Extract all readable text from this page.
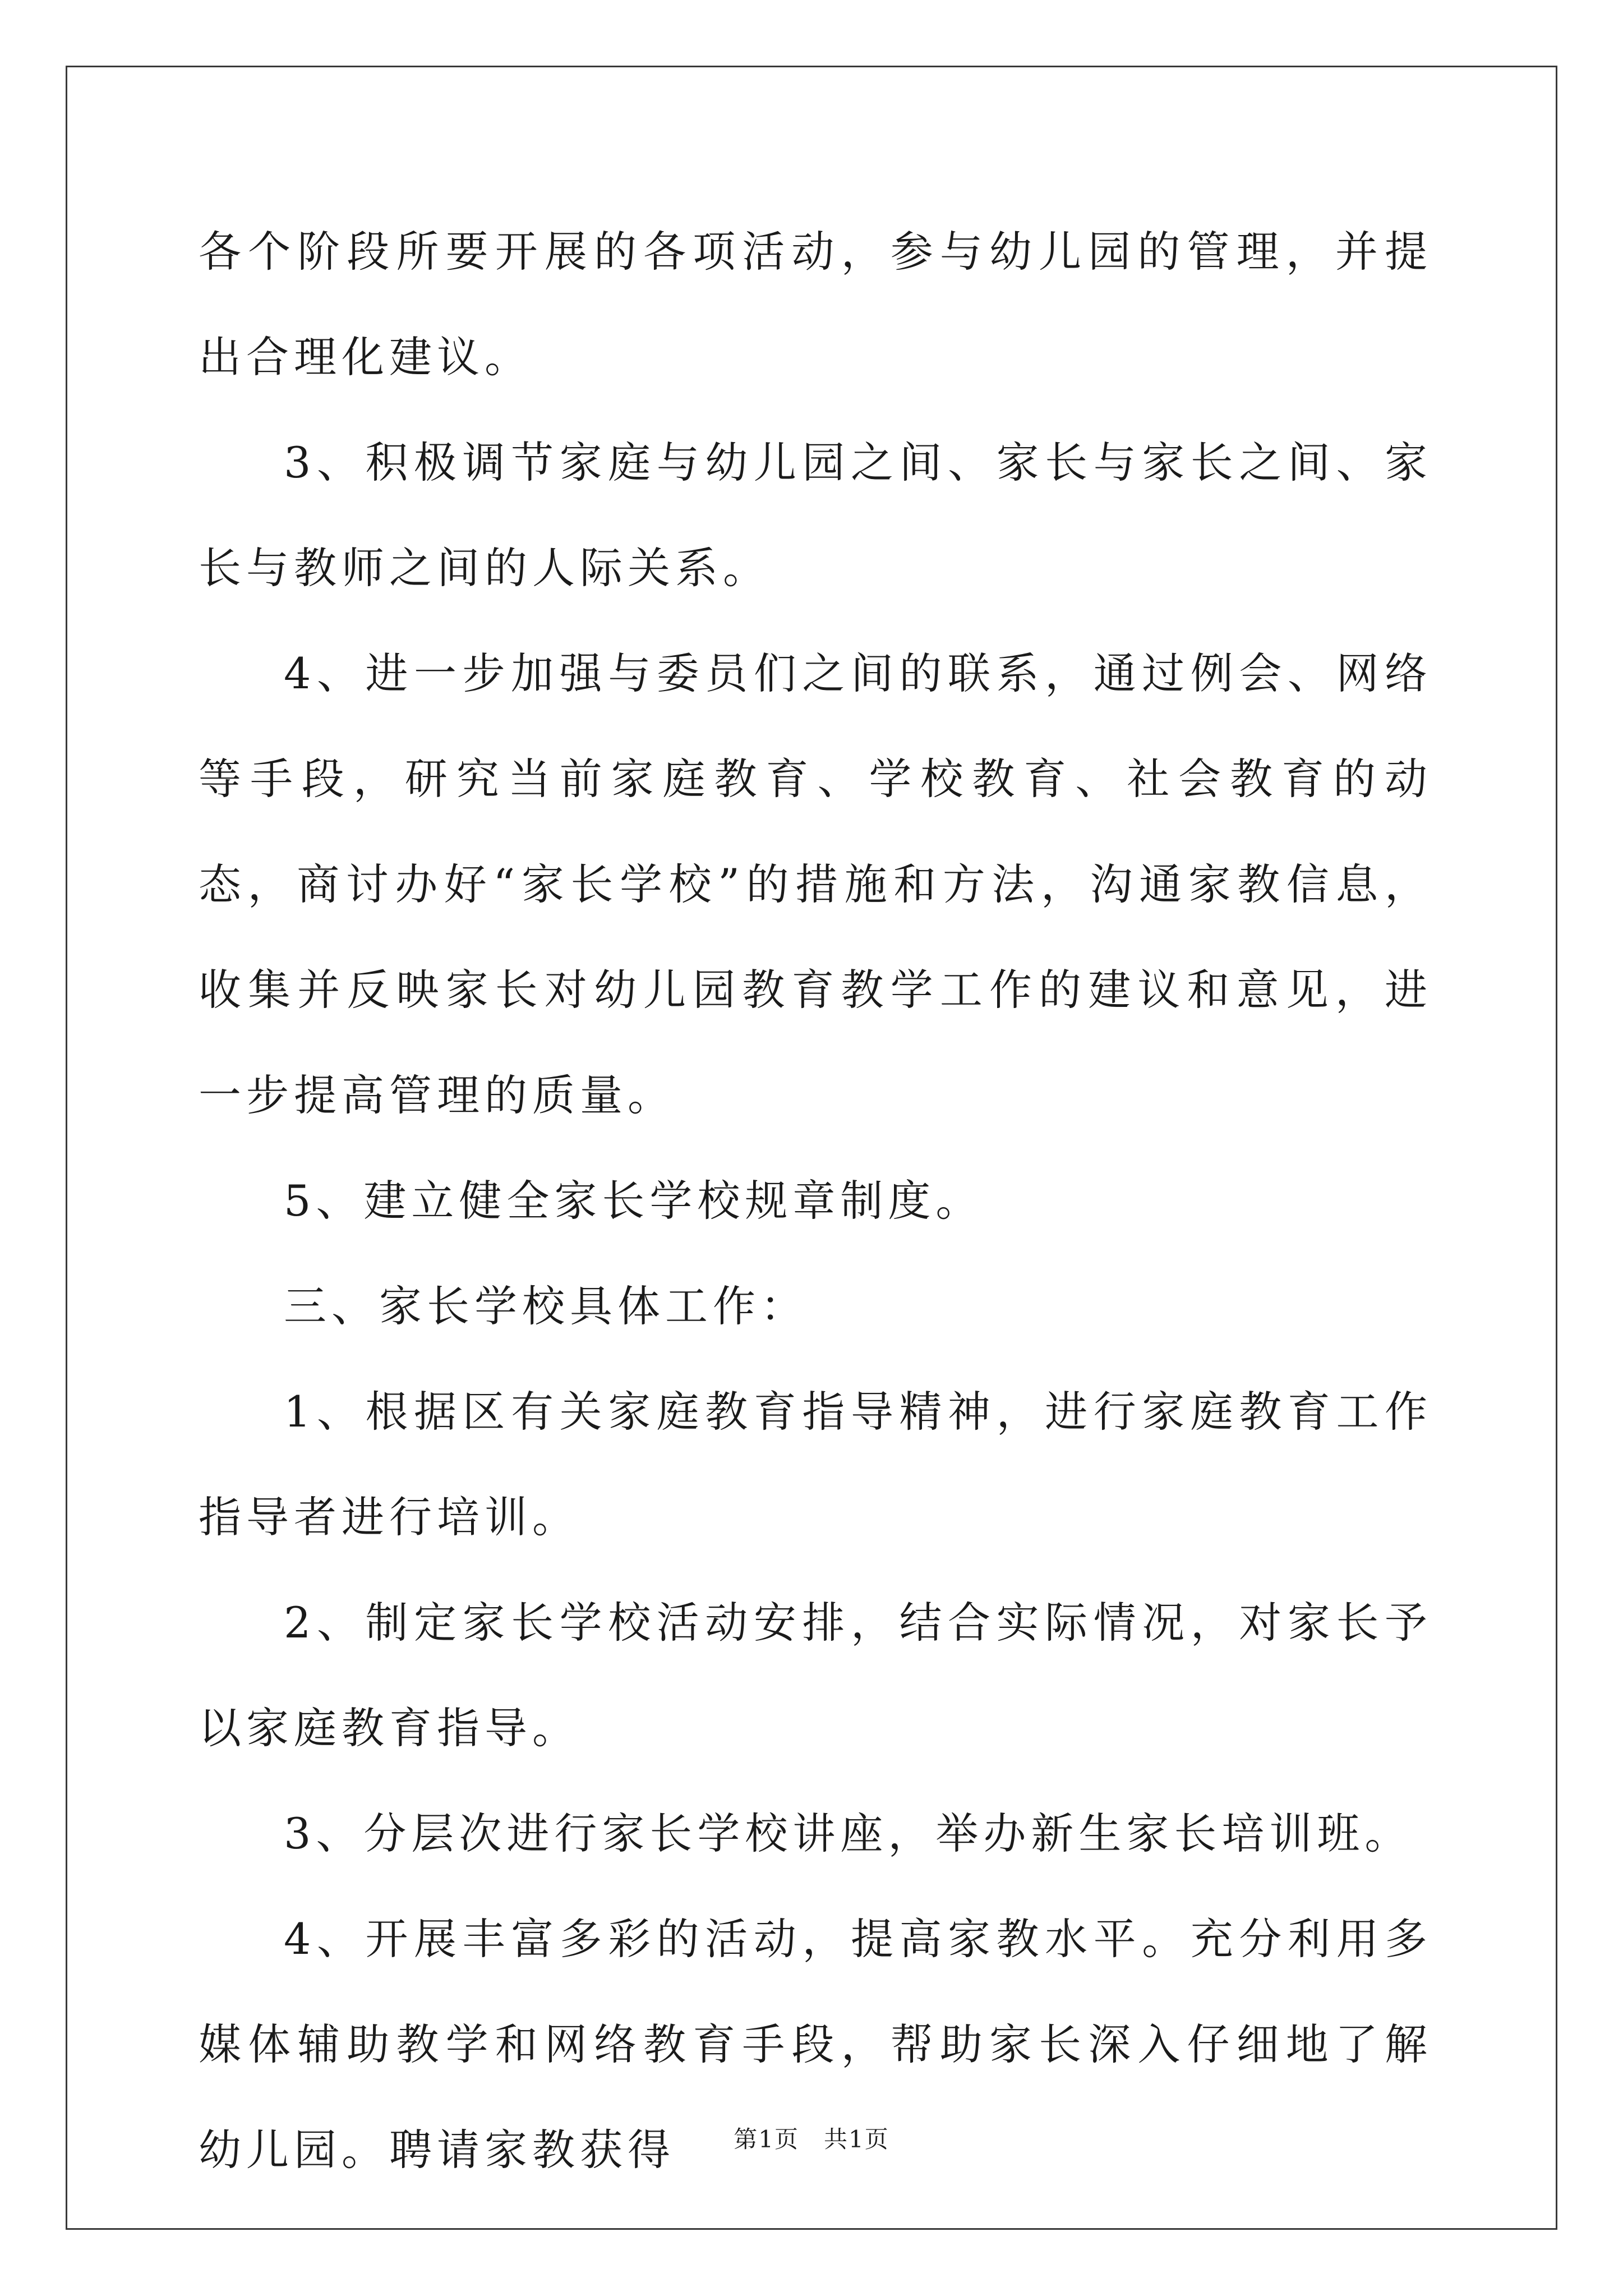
各个阶段所要开展的各项活动，参与幼儿园的管理，并提出合理化建议。

3、积极调节家庭与幼儿园之间、家长与家长之间、家长与教师之间的人际关系。

4、进一步加强与委员们之间的联系，通过例会、网络等手段，研究当前家庭教育、学校教育、社会教育的动态，商讨办好“家长学校”的措施和方法，沟通家教信息，收集并反映家长对幼儿园教育教学工作的建议和意见，进一步提高管理的质量。

5、建立健全家长学校规章制度。

三、家长学校具体工作：

1、根据区有关家庭教育指导精神，进行家庭教育工作指导者进行培训。

2、制定家长学校活动安排，结合实际情况，对家长予以家庭教育指导。

3、分层次进行家长学校讲座，举办新生家长培训班。

4、开展丰富多彩的活动，提高家教水平。充分利用多媒体辅助教学和网络教育手段，帮助家长深入仔细地了解幼儿园。聘请家教获得	第1页　共1页
